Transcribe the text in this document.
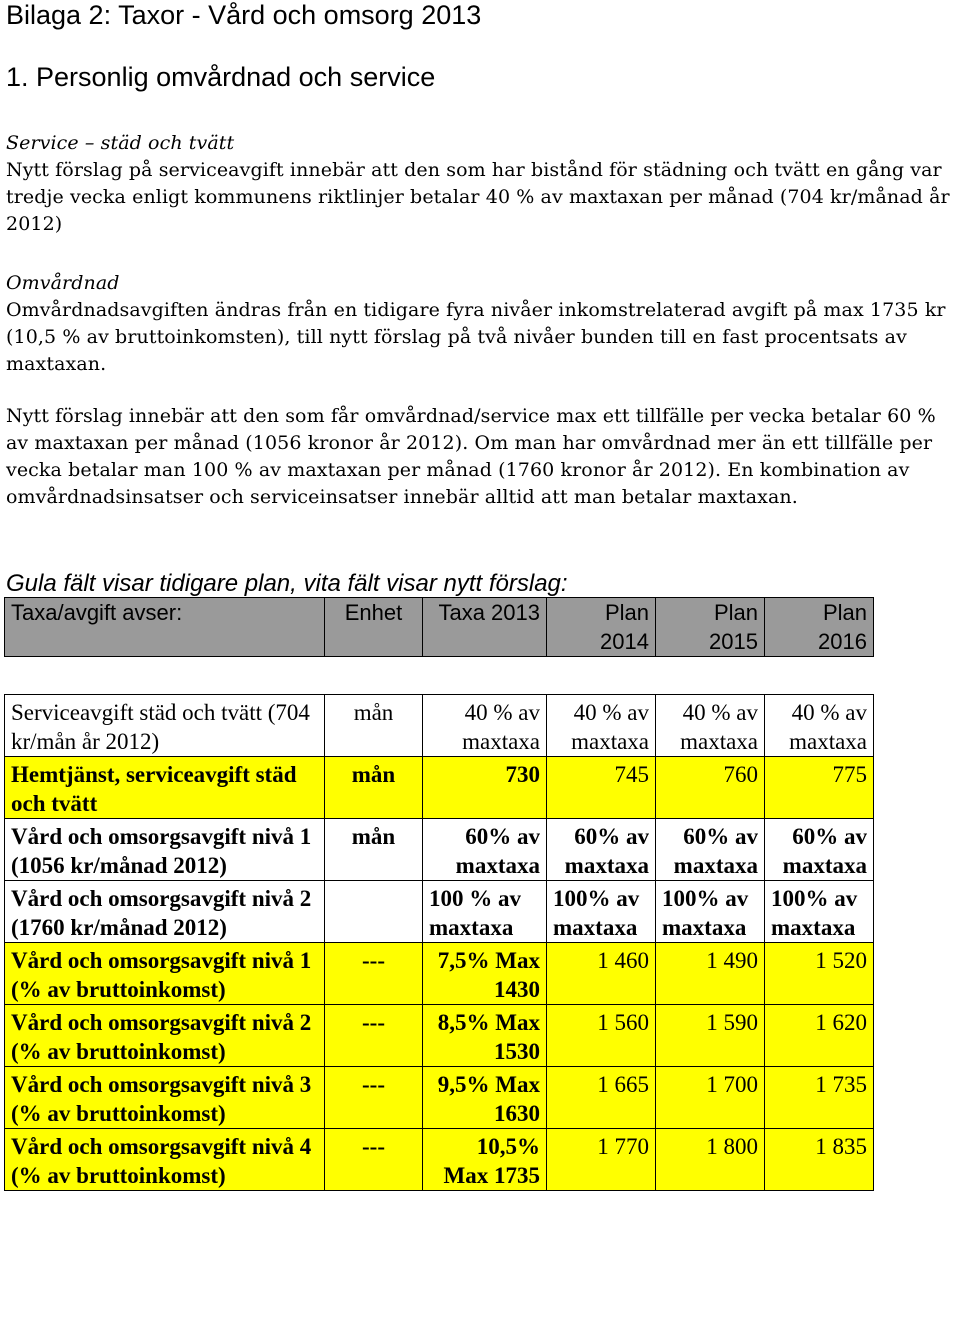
Bilaga 2: Taxor - Vård och omsorg 2013
1. Personlig omvårdnad och service

Service – städ och tvätt

Nytt förslag på serviceavgift innebär att den som har bistånd för städning och tvätt en gång var tredje vecka enligt kommunens riktlinjer betalar 40 % av maxtaxan per månad (704 kr/månad år 2012)

Omvårdnad

Omvårdnadsavgiften ändras från en tidigare fyra nivåer inkomstrelaterad avgift på max 1735 kr (10,5 % av bruttoinkomsten), till nytt förslag på två nivåer bunden till en fast procentsats av maxtaxan.

Nytt förslag innebär att den som får omvårdnad/service max ett tillfälle per vecka betalar 60 % av maxtaxan per månad (1056 kronor år 2012). Om man har omvårdnad mer än ett tillfälle per vecka betalar man 100 % av maxtaxan per månad (1760 kronor år 2012). En kombination av omvårdnadsinsatser och serviceinsatser innebär alltid att man betalar maxtaxan.

Gula fält visar tidigare plan, vita fält visar nytt förslag:

Taxa/avgift avser:	Enhet	Taxa 2013	Plan 2014	Plan 2015	Plan 2016

Serviceavgift städ och tvätt (704 kr/mån år 2012)	mån	40 % av maxtaxa	40 % av maxtaxa	40 % av maxtaxa	40 % av maxtaxa
Hemtjänst, serviceavgift städ och tvätt	mån	730	745	760	775
Vård och omsorgsavgift nivå 1 (1056 kr/månad 2012)	mån	60% av maxtaxa	60% av maxtaxa	60% av maxtaxa	60% av maxtaxa
Vård och omsorgsavgift nivå 2 (1760 kr/månad 2012)		100 % av maxtaxa	100% av maxtaxa	100% av maxtaxa	100% av maxtaxa
Vård och omsorgsavgift nivå 1 (% av bruttoinkomst)	---	7,5% Max 1430	1 460	1 490	1 520
Vård och omsorgsavgift nivå 2 (% av bruttoinkomst)	---	8,5% Max 1530	1 560	1 590	1 620
Vård och omsorgsavgift nivå 3 (% av bruttoinkomst)	---	9,5% Max 1630	1 665	1 700	1 735
Vård och omsorgsavgift nivå 4 (% av bruttoinkomst)	---	10,5% Max 1735	1 770	1 800	1 835
